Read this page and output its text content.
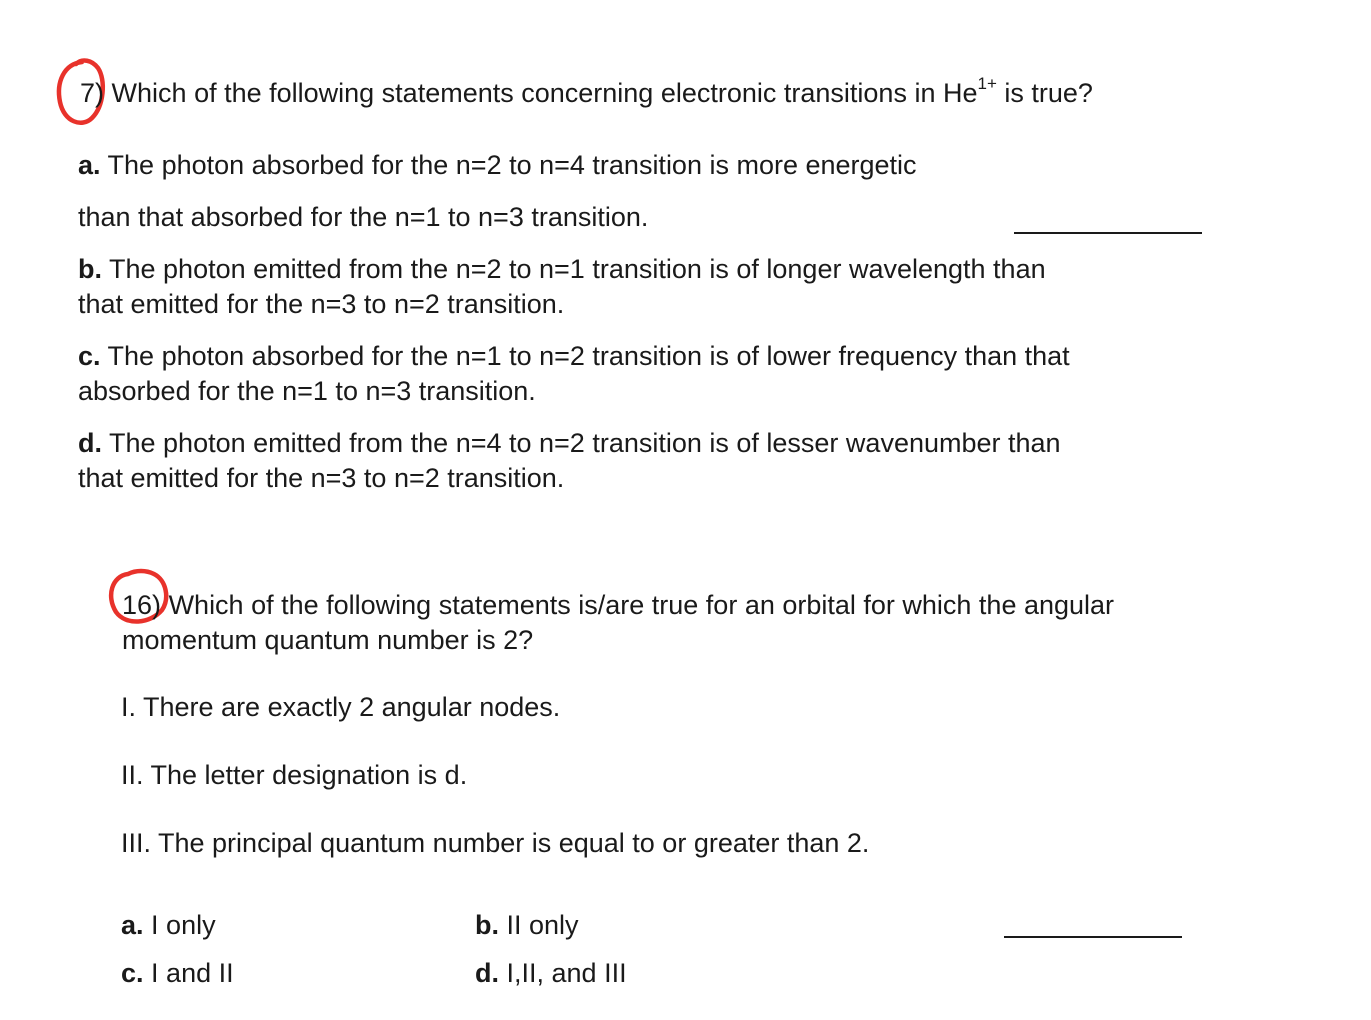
7) Which of the following statements concerning electronic transitions in $He^{1+}$ is true?
a. The photon absorbed for the n=2 to n=4 transition is more energetic
than that absorbed for the n=1 to n=3 transition.
b. The photon emitted from the n=2 to n=1 transition is of longer wavelength than
that emitted for the n=3 to n=2 transition.
c. The photon absorbed for the n=1 to n=2 transition is of lower frequency than that
absorbed for the n=1 to n=3 transition.
d. The photon emitted from the n=4 to n=2 transition is of lesser wavenumber than
that emitted for the n=3 to n=2 transition.
16) Which of the following statements is/are true for an orbital for which the angular
momentum quantum number is 2?
I. There are exactly 2 angular nodes.
II. The letter designation is d.
III. The principal quantum number is equal to or greater than 2.
a. I only	b. II only
c. I and II	d. I,II, and III
